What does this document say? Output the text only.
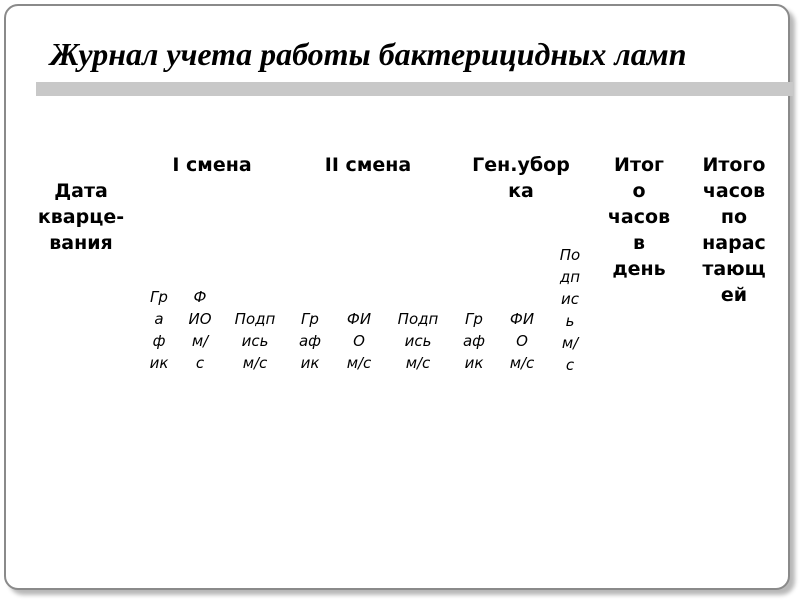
Журнал учета работы бактерицидных ламп
Дата
кварце-
вания
I смена	II смена	Ген.убор
ка
Итог
о
часов
в
день
Итого
часов
по
нарас
тающ
ей
Гр
а
ф
ик
Ф
ИО
м/
с
Подп
ись
м/с
Гр
аф
ик
ФИ
О
м/с
Подп
ись
м/с
Гр
аф
ик
ФИ
О
м/с
По
дп
ис
ь
м/
с
